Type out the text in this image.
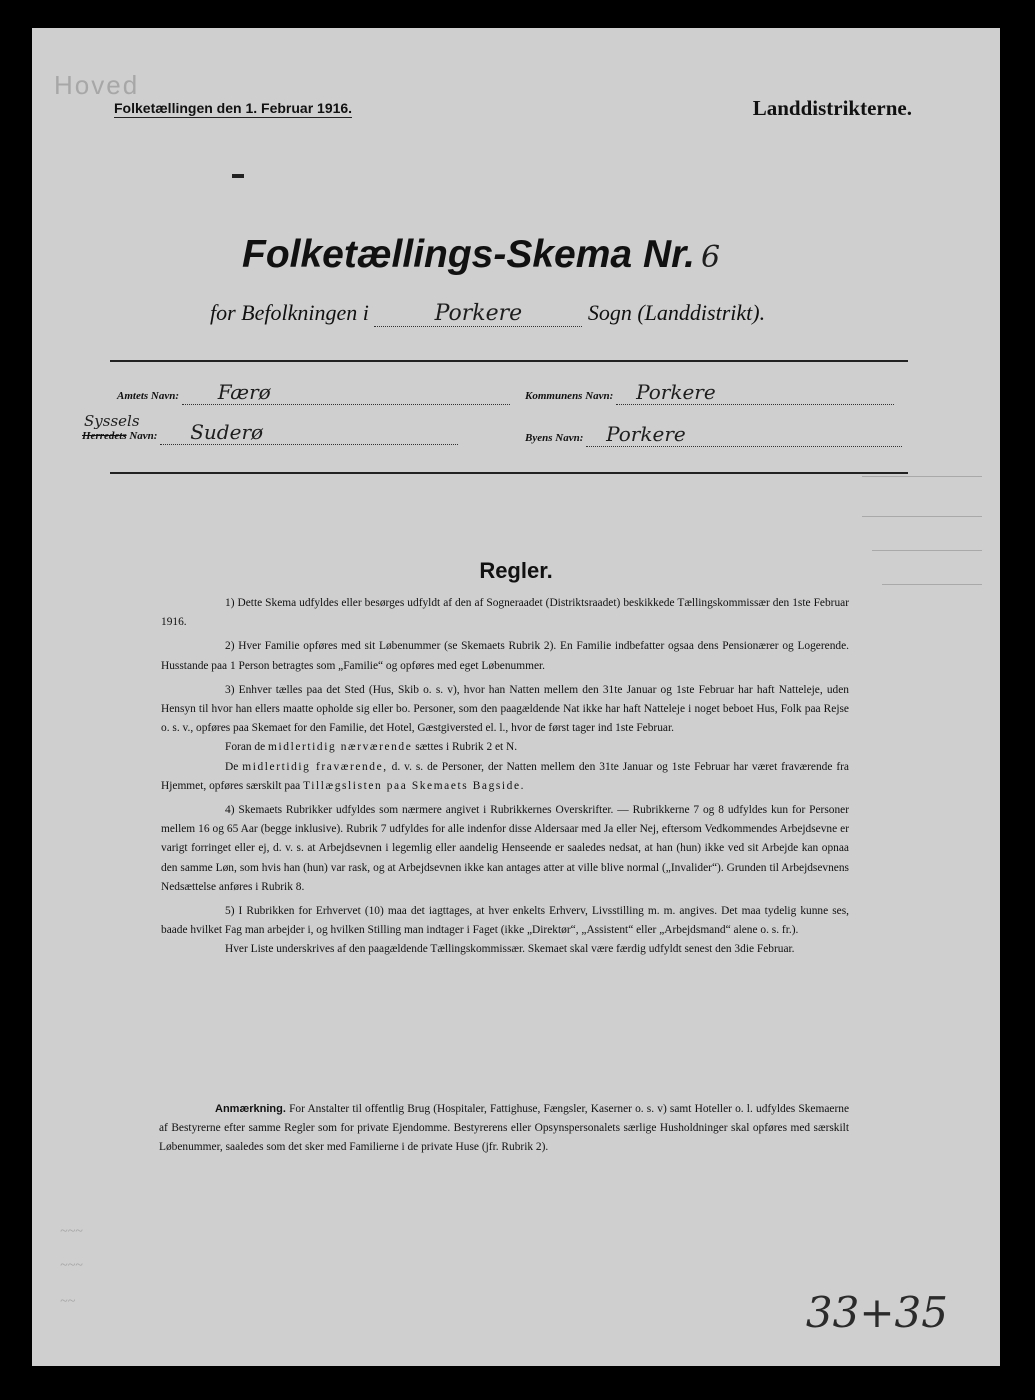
Hoved
Folketællingen den 1. Februar 1916.	Landdistrikterne.
Folketællings-Skema Nr. 6
for Befolkningen i	Porkere	Sogn (Landdistrikt).
Amtets Navn: Færø	Kommunens Navn: Porkere
Syssels
Herredets Navn: Suderø	Byens Navn: Porkere
Regler.

1) Dette Skema udfyldes eller besørges udfyldt af den af Sogneraadet (Distriktsraadet) beskikkede Tællingskommissær den 1ste Februar 1916.

2) Hver Familie opføres med sit Løbenummer (se Skemaets Rubrik 2). En Familie indbefatter ogsaa dens Pensionærer og Logerende. Husstande paa 1 Person betragtes som „Familie“ og opføres med eget Løbenummer.

3) Enhver tælles paa det Sted (Hus, Skib o. s. v), hvor han Natten mellem den 31te Januar og 1ste Februar har haft Natteleje, uden Hensyn til hvor han ellers maatte opholde sig eller bo. Personer, som den paagældende Nat ikke har haft Natteleje i noget beboet Hus, Folk paa Rejse o. s. v., opføres paa Skemaet for den Familie, det Hotel, Gæstgiversted el. l., hvor de først tager ind 1ste Februar.

Foran de midlertidig nærværende sættes i Rubrik 2 et N.

De midlertidig fraværende, d. v. s. de Personer, der Natten mellem den 31te Januar og 1ste Februar har været fraværende fra Hjemmet, opføres særskilt paa Tillægslisten paa Skemaets Bagside.

4) Skemaets Rubrikker udfyldes som nærmere angivet i Rubrikkernes Overskrifter. — Rubrikkerne 7 og 8 udfyldes kun for Personer mellem 16 og 65 Aar (begge inklusive). Rubrik 7 udfyldes for alle indenfor disse Aldersaar med Ja eller Nej, eftersom Vedkommendes Arbejdsevne er varigt forringet eller ej, d. v. s. at Arbejdsevnen i legemlig eller aandelig Henseende er saaledes nedsat, at han (hun) ikke ved sit Arbejde kan opnaa den samme Løn, som hvis han (hun) var rask, og at Arbejdsevnen ikke kan antages atter at ville blive normal („Invalider“). Grunden til Arbejdsevnens Nedsættelse anføres i Rubrik 8.

5) I Rubrikken for Erhvervet (10) maa det iagttages, at hver enkelts Erhverv, Livsstilling m. m. angives. Det maa tydelig kunne ses, baade hvilket Fag man arbejder i, og hvilken Stilling man indtager i Faget (ikke „Direktør“, „Assistent“ eller „Arbejdsmand“ alene o. s. fr.).

Hver Liste underskrives af den paagældende Tællingskommissær. Skemaet skal være færdig udfyldt senest den 3die Februar.

Anmærkning. For Anstalter til offentlig Brug (Hospitaler, Fattighuse, Fængsler, Kaserner o. s. v) samt Hoteller o. l. udfyldes Skemaerne af Bestyrerne efter samme Regler som for private Ejendomme. Bestyrerens eller Opsynspersonalets særlige Husholdninger skal opføres med særskilt Løbenummer, saaledes som det sker med Familierne i de private Huse (jfr. Rubrik 2).

~~~
~~~
~~	33+35
